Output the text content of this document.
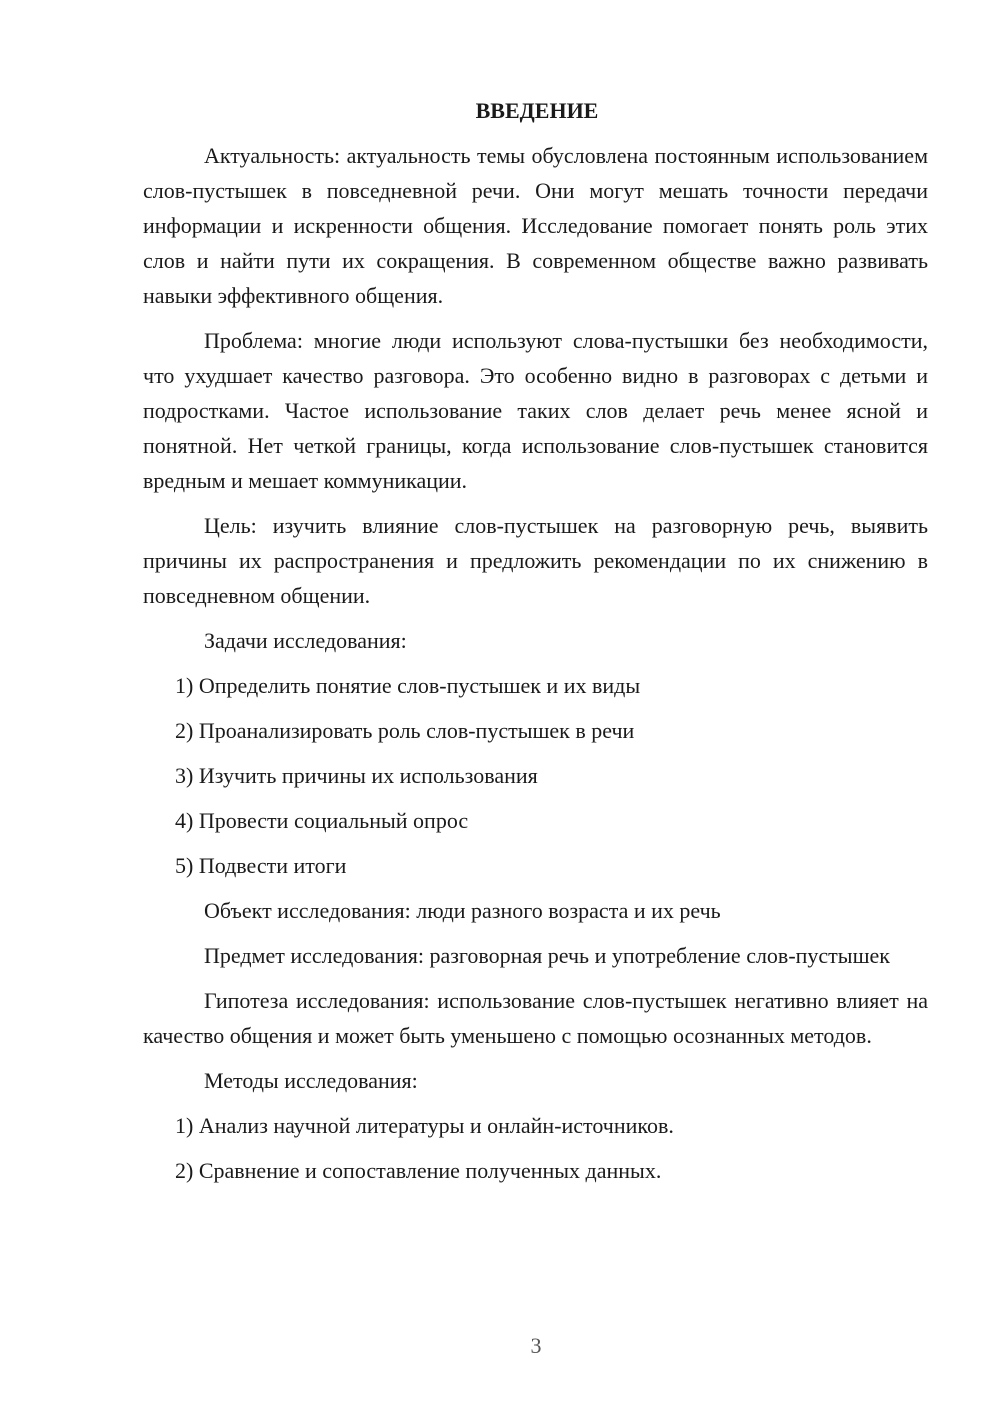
ВВЕДЕНИЕ

Актуальность: актуальность темы обусловлена постоянным использованием слов-пустышек в повседневной речи. Они могут мешать точности передачи информации и искренности общения. Исследование помогает понять роль этих слов и найти пути их сокращения. В современном обществе важно развивать навыки эффективного общения.

Проблема: многие люди используют слова-пустышки без необходимости, что ухудшает качество разговора. Это особенно видно в разговорах с детьми и подростками. Частое использование таких слов делает речь менее ясной и понятной. Нет четкой границы, когда использование слов-пустышек становится вредным и мешает коммуникации.

Цель: изучить влияние слов-пустышек на разговорную речь, выявить причины их распространения и предложить рекомендации по их снижению в повседневном общении.

Задачи исследования:
1) Определить понятие слов-пустышек и их виды
2) Проанализировать роль слов-пустышек в речи
3) Изучить причины их использования
4) Провести социальный опрос
5) Подвести итоги
Объект исследования: люди разного возраста и их речь

Предмет исследования: разговорная речь и употребление слов-пустышек

Гипотеза исследования: использование слов-пустышек негативно влияет на качество общения и может быть уменьшено с помощью осознанных методов.

Методы исследования:
1) Анализ научной литературы и онлайн-источников.
2) Сравнение и сопоставление полученных данных.
3
